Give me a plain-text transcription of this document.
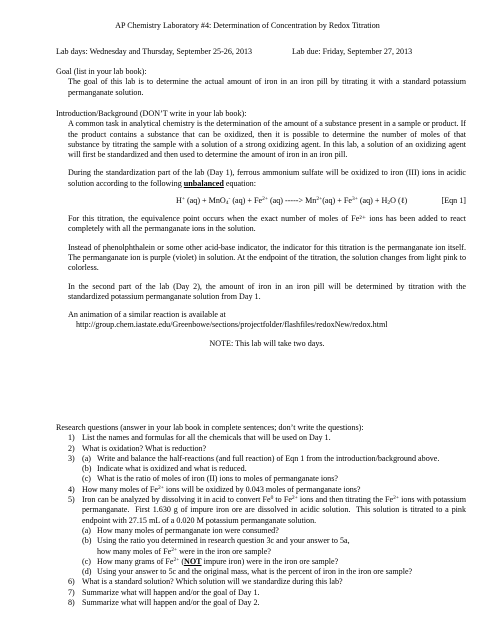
AP Chemistry Laboratory #4: Determination of Concentration by Redox Titration
Lab days: Wednesday and Thursday, September 25-26, 2013	Lab due: Friday, September 27, 2013
Goal (list in your lab book):
The goal of this lab is to determine the actual amount of iron in an iron pill by titrating it with a standard potassium permanganate solution.
Introduction/Background (DON’T write in your lab book):
A common task in analytical chemistry is the determination of the amount of a substance present in a sample or product. If the product contains a substance that can be oxidized, then it is possible to determine the number of moles of that substance by titrating the sample with a solution of a strong oxidizing agent. In this lab, a solution of an oxidizing agent will first be standardized and then used to determine the amount of iron in an iron pill.
During the standardization part of the lab (Day 1), ferrous ammonium sulfate will be oxidized to iron (III) ions in acidic solution according to the following unbalanced equation:
H+ (aq) + MnO$_4$- $(aq) + Fe^{2+}$ (aq) -----> $Mn^{2+}(aq) + Fe^{3+}$ $(aq) + H_2O$ (ℓ)	[Eqn 1]
For this titration, the equivalence point occurs when the exact number of moles of Fe²⁺ ions has been added to react completely with all the permanganate ions in the solution.
Instead of phenolphthalein or some other acid-base indicator, the indicator for this titration is the permanganate ion itself. The permanganate ion is purple (violet) in solution. At the endpoint of the titration, the solution changes from light pink to colorless.
In the second part of the lab (Day 2), the amount of iron in an iron pill will be determined by titration with the standardized potassium permanganate solution from Day 1.
An animation of a similar reaction is available at
http://group.chem.iastate.edu/Greenbowe/sections/projectfolder/flashfiles/redoxNew/redox.html
NOTE: This lab will take two days.
Research questions (answer in your lab book in complete sentences; don’t write the questions):
1) List the names and formulas for all the chemicals that will be used on Day 1.
2) What is oxidation? What is reduction?
3) (a) Write and balance the half-reactions (and full reaction) of Eqn 1 from the introduction/background above.
(b) Indicate what is oxidized and what is reduced.
(c) What is the ratio of moles of iron (II) ions to moles of permanganate ions?
4) How many moles of $Fe^{2+}$ ions will be oxidized by 0.043 moles of permanganate ions?
5) Iron can be analyzed by dissolving it in acid to convert Fe$^0$ to $Fe^{2+}$ ions and then titrating the $Fe^{2+}$ ions with potassium permanganate.  First 1.630 g of impure iron ore are dissolved in acidic solution.  This solution is titrated to a pink endpoint with 27.15 mL of a 0.020 M potassium permanganate solution.
(a) How many moles of permanganate ion were consumed?
(b) Using the ratio you determined in research question 3c and your answer to 5a,
how many moles of $Fe^{2+}$ were in the iron ore sample?
(c) How many grams of $Fe^{2+}$ (NOT impure iron) were in the iron ore sample?
(d) Using your answer to 5c and the original mass, what is the percent of iron in the iron ore sample?
6) What is a standard solution? Which solution will we standardize during this lab?
7) Summarize what will happen and/or the goal of Day 1.
8) Summarize what will happen and/or the goal of Day 2.
